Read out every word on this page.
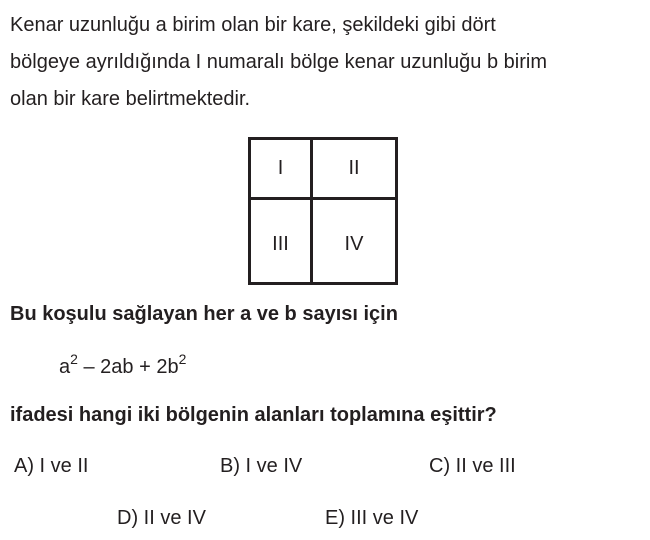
Kenar uzunluğu a birim olan bir kare, şekildeki gibi dört
bölgeye ayrıldığında I numaralı bölge kenar uzunluğu b birim
olan bir kare belirtmektedir.
I	II
III	IV
Bu koşulu sağlayan her a ve b sayısı için
$a^2 - 2ab + 2b^2$
ifadesi hangi iki bölgenin alanları toplamına eşittir?
A) I ve II	B) I ve IV	C) II ve III
D) II ve IV	E) III ve IV
